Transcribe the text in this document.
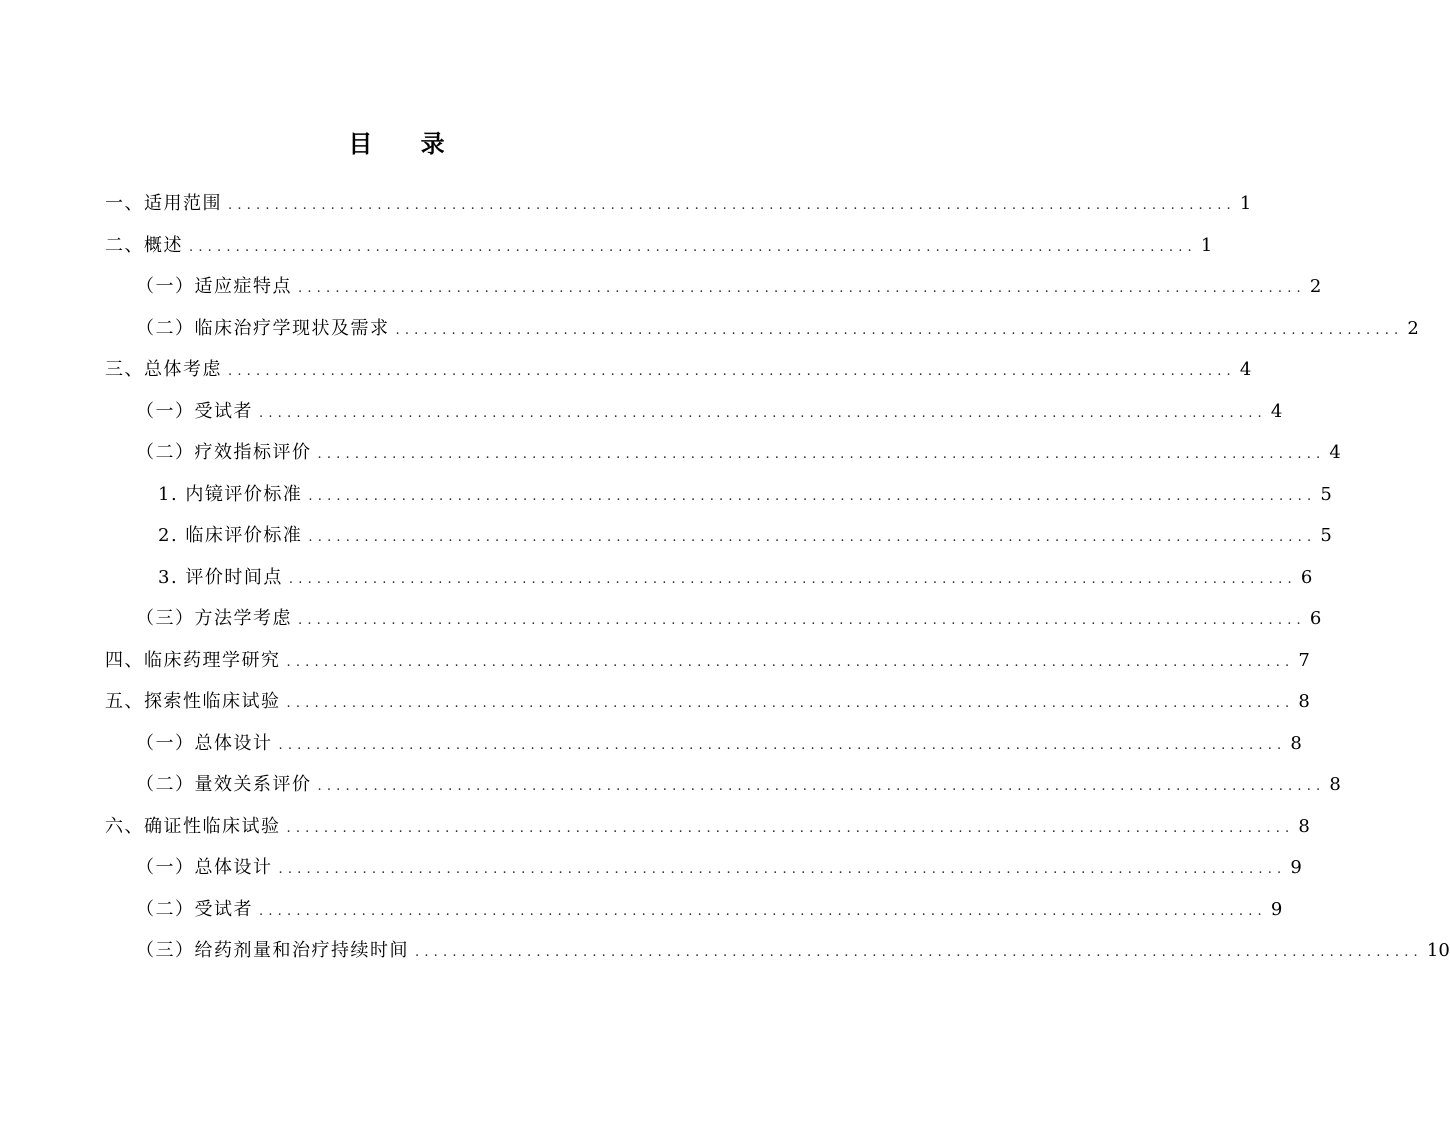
目 录
一、适用范围 ............................................................................................................ 1
二、概述 ............................................................................................................ 1
（一）适应症特点 ............................................................................................................ 2
（二）临床治疗学现状及需求 ............................................................................................................ 2
三、总体考虑 ............................................................................................................ 4
（一）受试者 ............................................................................................................ 4
（二）疗效指标评价 ............................................................................................................ 4
1. 内镜评价标准 ............................................................................................................ 5
2. 临床评价标准 ............................................................................................................ 5
3. 评价时间点 ............................................................................................................ 6
（三）方法学考虑 ............................................................................................................ 6
四、临床药理学研究 ............................................................................................................ 7
五、探索性临床试验 ............................................................................................................ 8
（一）总体设计 ............................................................................................................ 8
（二）量效关系评价 ............................................................................................................ 8
六、确证性临床试验 ............................................................................................................ 8
（一）总体设计 ............................................................................................................ 9
（二）受试者 ............................................................................................................ 9
（三）给药剂量和治疗持续时间 ............................................................................................................ 10
